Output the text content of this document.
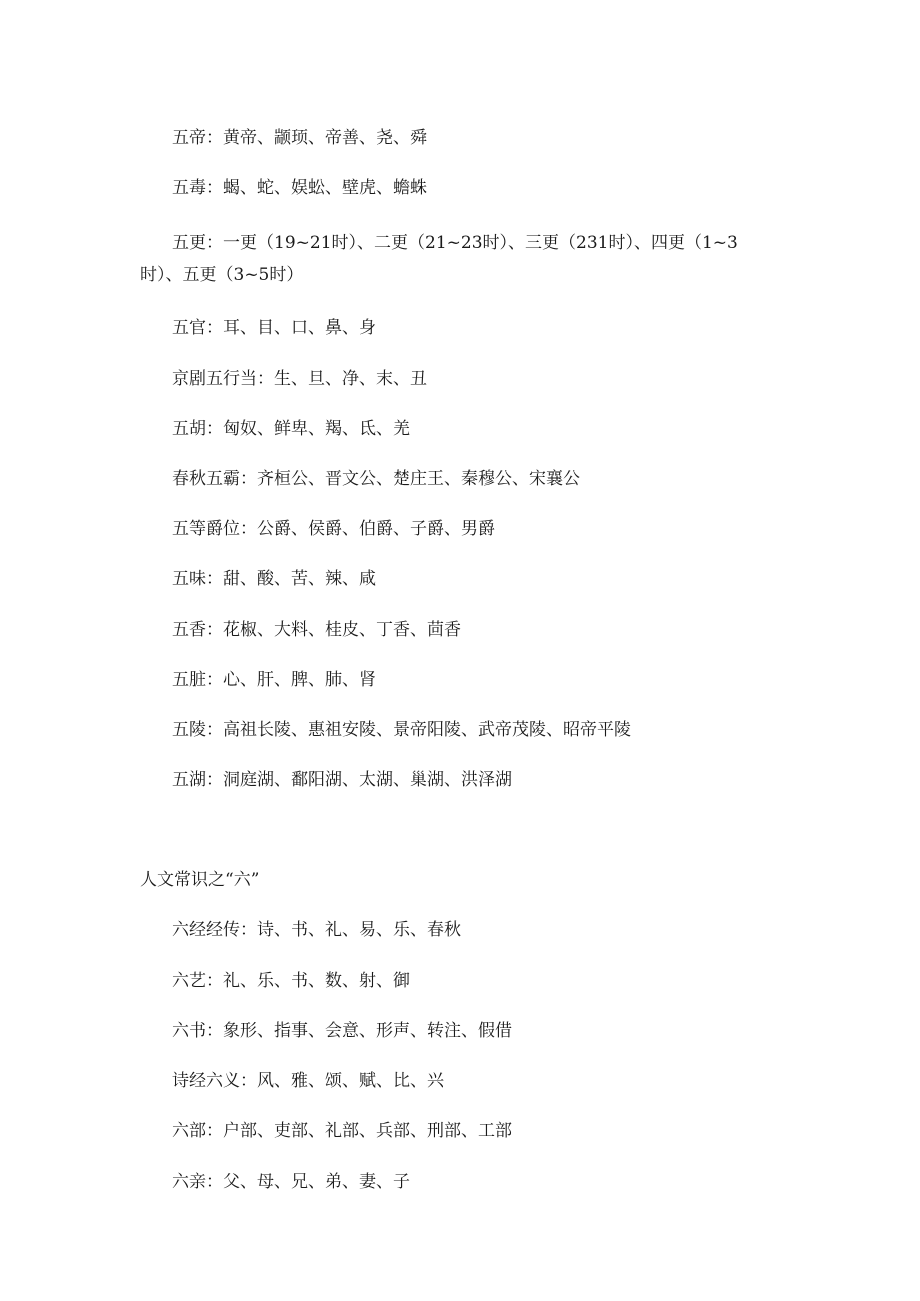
五帝：黄帝、颛顼、帝善、尧、舜
五毒：蝎、蛇、娱蚣、壁虎、蟾蛛
五更：一更（19~21时）、二更（21~23时）、三更（231时）、四更（1~3时）、五更（3~5时）
五官：耳、目、口、鼻、身
京剧五行当：生、旦、净、末、丑
五胡：匈奴、鲜卑、羯、氐、羌
春秋五霸：齐桓公、晋文公、楚庄王、秦穆公、宋襄公
五等爵位：公爵、侯爵、伯爵、子爵、男爵
五味：甜、酸、苦、辣、咸
五香：花椒、大料、桂皮、丁香、茴香
五脏：心、肝、脾、肺、肾
五陵：高祖长陵、惠祖安陵、景帝阳陵、武帝茂陵、昭帝平陵
五湖：洞庭湖、鄱阳湖、太湖、巢湖、洪泽湖
人文常识之“六”
六经经传：诗、书、礼、易、乐、春秋
六艺：礼、乐、书、数、射、御
六书：象形、指事、会意、形声、转注、假借
诗经六义：风、雅、颂、赋、比、兴
六部：户部、吏部、礼部、兵部、刑部、工部
六亲：父、母、兄、弟、妻、子
